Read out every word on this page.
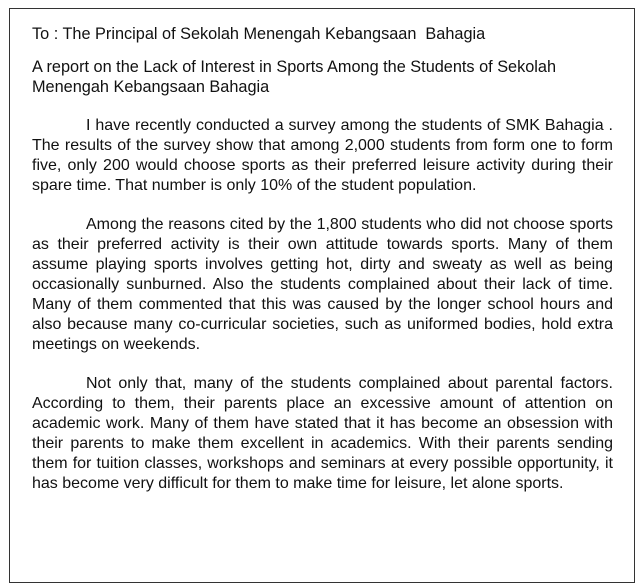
To : The Principal of Sekolah Menengah Kebangsaan  Bahagia

A report on the Lack of Interest in Sports Among the Students of Sekolah Menengah Kebangsaan Bahagia

I have recently conducted a survey among the students of SMK Bahagia . The results of the survey show that among 2,000 students from form one to form five, only 200 would choose sports as their preferred leisure activity during their spare time. That number is only 10% of the student population.

Among the reasons cited by the 1,800 students who did not choose sports as their preferred activity is their own attitude towards sports. Many of them assume playing sports involves getting hot, dirty and sweaty as well as being occasionally sunburned. Also the students complained about their lack of time. Many of them commented that this was caused by the longer school hours and also because many co-curricular societies, such as uniformed bodies, hold extra meetings on weekends.

Not only that, many of the students complained about parental factors. According to them, their parents place an excessive amount of attention on academic work. Many of them have stated that it has become an obsession with their parents to make them excellent in academics. With their parents sending them for tuition classes, workshops and seminars at every possible opportunity, it has become very difficult for them to make time for leisure, let alone sports.
